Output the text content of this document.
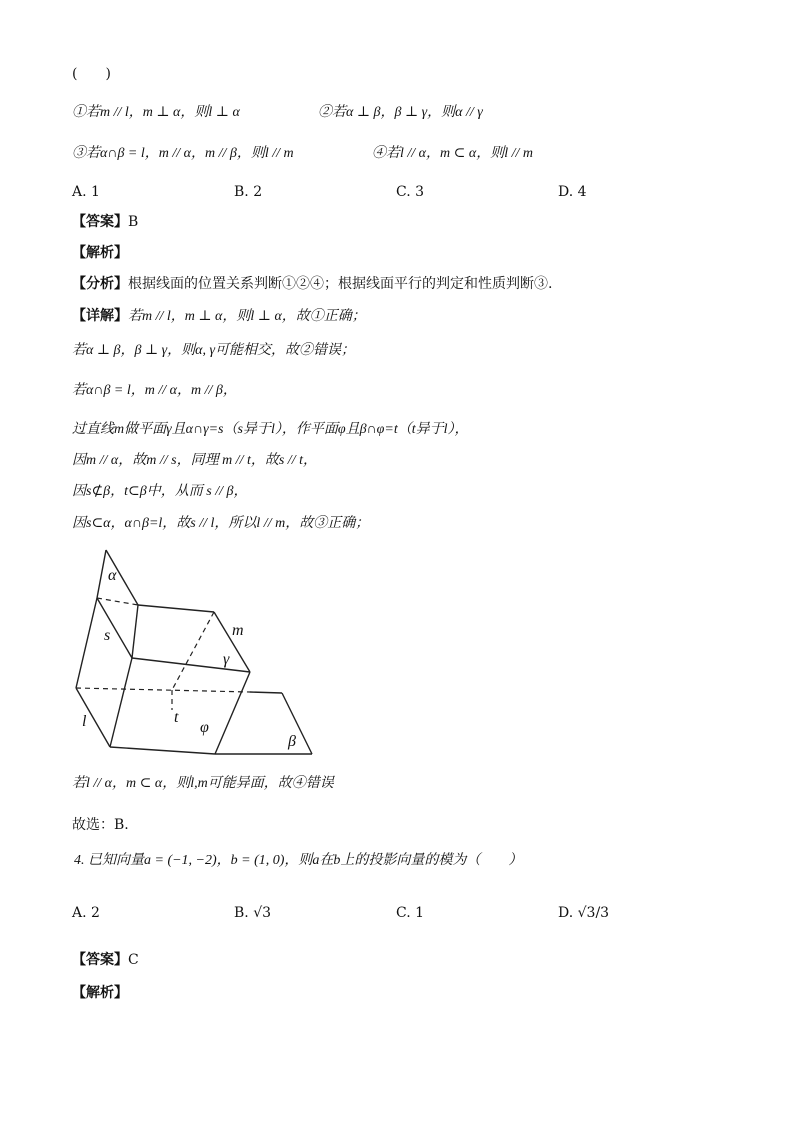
(　　)
①若m // l，m ⊥ α，则l ⊥ α	②若α ⊥ β，β ⊥ γ，则α // γ
③若α∩β = l，m // α，m // β，则l // m	④若l // α，m ⊂ α，则l // m
A. 1	B. 2	C. 3	D. 4
【答案】B
【解析】
【分析】根据线面的位置关系判断①②④；根据线面平行的判定和性质判断③.
【详解】若m // l，m ⊥ α，则l ⊥ α，故①正确；
若α ⊥ β，β ⊥ γ，则α, γ可能相交，故②错误；
若α∩β = l，m // α，m // β，
过直线m做平面γ且α∩γ=s（s异于l），作平面φ且β∩φ=t（t异于l），
因m // α，故m // s，同理 m // t，故s // t，
因s⊄β，t⊂β中，从而 s // β，
因s⊂α，α∩β=l，故s // l，所以l // m，故③正确；
α
s	m
γ
l	t
φ
β
若l // α，m ⊂ α，则l,m可能异面，故④错误
故选：B.
4. 已知向量a = (−1, −2)，b = (1, 0)，则a在b上的投影向量的模为（　　）
A. 2	B. √3	C. 1	D. √3/3
【答案】C
【解析】
